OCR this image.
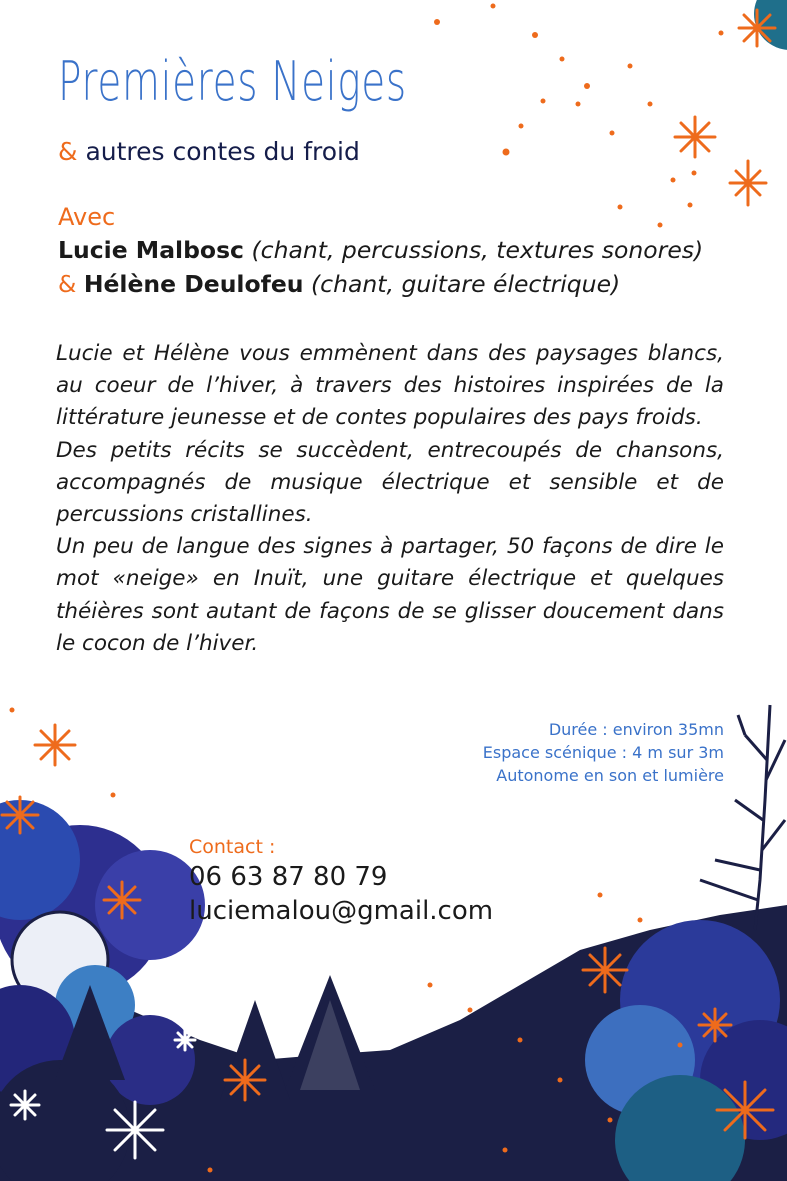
Premières Neiges
& autres contes du froid
Avec
Lucie Malbosc (chant, percussions, textures sonores)
& Hélène Deulofeu (chant, guitare électrique)

Lucie et Hélène vous emmènent dans des paysages blancs, au coeur de l’hiver, à travers des histoires inspirées de la littérature jeunesse et de contes populaires des pays froids.

Des petits récits se succèdent, entrecoupés de chansons, accompagnés de musique électrique et sensible et de percussions cristallines.

Un peu de langue des signes à partager, 50 façons de dire le mot «neige» en Inuït, une guitare électrique et quelques théières sont autant de façons de se glisser doucement dans le cocon de l’hiver.

Durée : environ 35mn
Espace scénique : 4 m sur 3m
Autonome en son et lumière
Contact :
06 63 87 80 79
luciemalou@gmail.com
